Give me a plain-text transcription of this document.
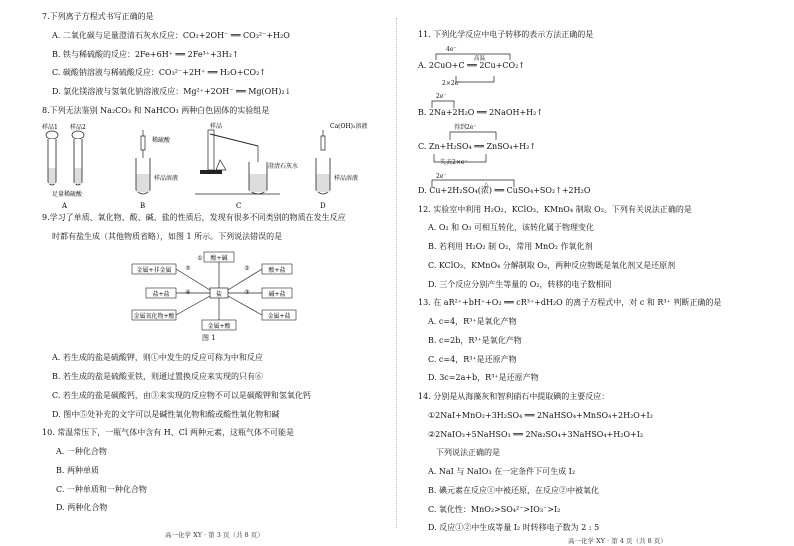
7.下列离子方程式书写正确的是
A. 二氧化碳与足量澄清石灰水反应：CO₂+2OH⁻ ══ CO₃²⁻+H₂O
B. 铁与稀硫酸的反应：2Fe+6H⁺ ══ 2Fe³⁺+3H₂↑
C. 碳酸钠溶液与稀硫酸反应：CO₃²⁻+2H⁺ ══ H₂O+CO₂↑
D. 氯化镁溶液与氢氧化钠溶液反应：Mg²⁺+2OH⁻ ══ Mg(OH)₂↓
8.下列无法鉴别 Na₂CO₃ 和 NaHCO₃ 两种白色固体的实验组是
样品1 样品2
足量稀硫酸
A
稀硫酸
样品溶液
B
样品
澄清石灰水
C
Ca(OH)₂溶液
样品溶液
D
9.学习了单质、氧化物、酸、碱、盐的性质后，发现有很多不同类别的物质在发生反应
时都有盐生成（其他物质省略），如图 1 所示。下列说法错误的是
盐
酸+碱
金属+非金属
盐+盐
金属氧化物+酸
酸+盐
碱+盐
金属+盐
金属+酸
①
②
③
④
⑤
图 1
A. 若生成的盐是硫酸钾，则①中发生的反应可称为中和反应
B. 若生成的盐是硫酸亚铁，则通过置换反应来实现的只有⑥
C. 若生成的盐是碳酸钙，由③来实现的反应物不可以是碳酸钾和氢氧化钙
D. 图中⑤处补充的文字可以是碱性氧化物和酸或酸性氧化物和碱
10. 常温常压下，一瓶气体中含有 H、Cl 两种元素，这瓶气体不可能是
A. 一种化合物
B. 两种单质
C. 一种单质和一种化合物
D. 两种化合物
高一化学 XY · 第 3 页（共 8 页）
11. 下列化学反应中电子转移的表示方法正确的是
4e⁻
A. 2CuO+C ══ 2Cu+CO₂↑
高温
2×2e⁻
2e⁻
B. 2Na+2H₂O ══ 2NaOH+H₂↑
得到2e⁻
C. Zn+H₂SO₄ ══ ZnSO₄+H₂↑
失去2×e⁻
2e⁻
D. Cu+2H₂SO₄(浓) ══ CuSO₄+SO₂↑+2H₂O
△
12. 实验室中利用 H₂O₂、KClO₃、KMnO₄ 制取 O₂。下列有关说法正确的是
A. O₂ 和 O₃ 可相互转化，该转化属于物理变化
B. 若利用 H₂O₂ 制 O₂，常用 MnO₂ 作氧化剂
C. KClO₃、KMnO₄ 分解制取 O₂，两种反应物既是氧化剂又是还原剂
D. 三个反应分别产生等量的 O₂，转移的电子数相同
13. 在 aR²⁺+bH⁺+O₂ ══ cR³⁺+dH₂O 的离子方程式中，对 c 和 R³⁺ 判断正确的是
A. c=4，R³⁺是氧化产物
B. c=2b，R³⁺是氧化产物
C. c=4，R³⁺是还原产物
D. 3c=2a+b，R³⁺是还原产物
14. 分别是从海藻灰和智利硝石中提取碘的主要反应：
①2NaI+MnO₂+3H₂SO₄ ══ 2NaHSO₄+MnSO₄+2H₂O+I₂
②2NaIO₃+5NaHSO₃ ══ 2Na₂SO₄+3NaHSO₄+H₂O+I₂
下列说法正确的是
A. NaI 与 NaIO₃ 在一定条件下可生成 I₂
B. 碘元素在反应①中被还原，在反应②中被氧化
C. 氧化性：MnO₂>SO₄²⁻>IO₃⁻>I₂
D. 反应①②中生成等量 I₂ 时转移电子数为 2 : 5
高一化学 XY · 第 4 页（共 8 页）
